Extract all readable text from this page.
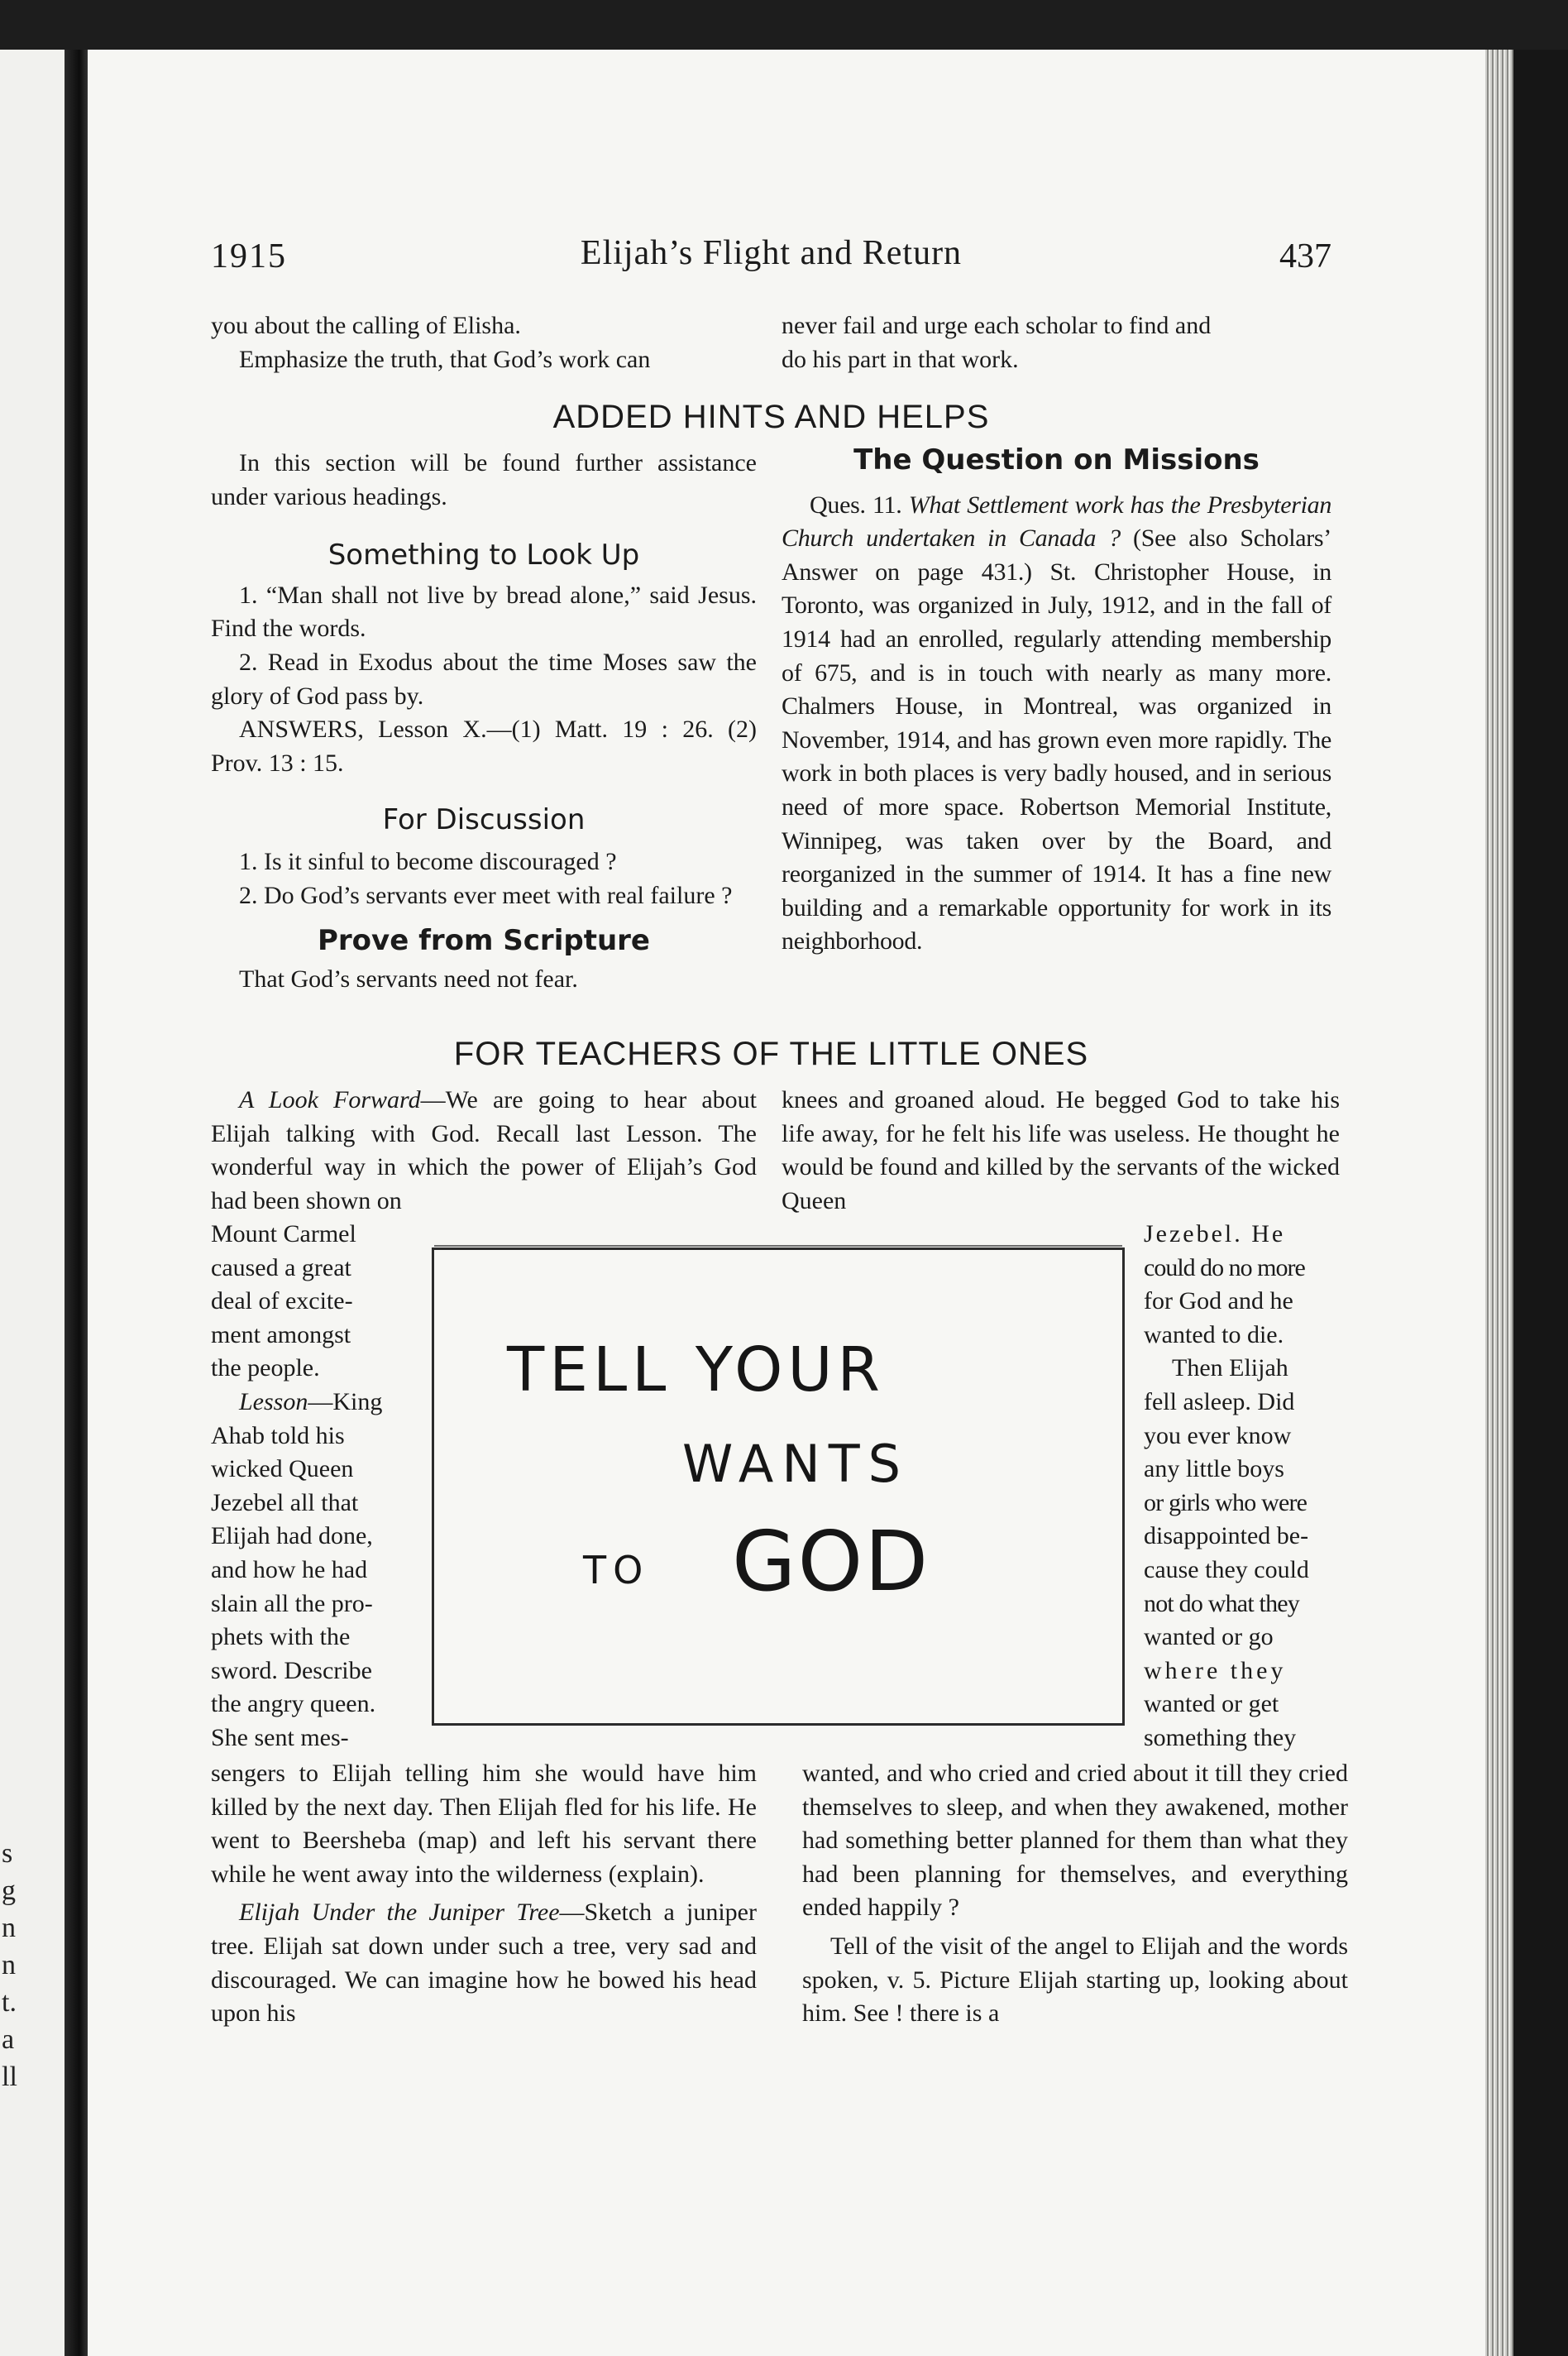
s
g
n
n
t.
a
ll
1915	Elijah’s Flight and Return	437

you about the calling of Elisha.

Emphasize the truth, that God’s work can

never fail and urge each scholar to find and

do his part in that work.

ADDED HINTS AND HELPS

In this section will be found further assistance under various headings.

Something to Look Up

1. “Man shall not live by bread alone,” said Jesus. Find the words.

2. Read in Exodus about the time Moses saw the glory of God pass by.

ANSWERS, Lesson X.—(1) Matt. 19 : 26. (2) Prov. 13 : 15.

For Discussion

1. Is it sinful to become discouraged ?

2. Do God’s servants ever meet with real failure ?

Prove from Scripture

That God’s servants need not fear.

The Question on Missions

Ques. 11. What Settlement work has the Presbyterian Church undertaken in Canada ? (See also Scholars’ Answer on page 431.) St. Christopher House, in Toronto, was organized in July, 1912, and in the fall of 1914 had an enrolled, regularly attending membership of 675, and is in touch with nearly as many more. Chalmers House, in Montreal, was organized in November, 1914, and has grown even more rapidly. The work in both places is very badly housed, and in serious need of more space. Robertson Memorial Institute, Winnipeg, was taken over by the Board, and reorganized in the summer of 1914. It has a fine new building and a remarkable opportunity for work in its neighborhood.

FOR TEACHERS OF THE LITTLE ONES

A Look Forward—We are going to hear about Elijah talking with God. Recall last Lesson. The wonderful way in which the power of Elijah’s God had been shown on

Mount Carmel

caused a great

deal of excite-

ment amongst

the people.

Lesson—King

Ahab told his

wicked Queen

Jezebel all that

Elijah had done,

and how he had

slain all the pro-

phets with the

sword. Describe

the angry queen.

She sent mes-

TELL YOUR
WANTS
TO GOD

Jezebel. He

could do no more

for God and he

wanted to die.

Then Elijah

fell asleep. Did

you ever know

any little boys

or girls who were

disappointed be-

cause they could

not do what they

wanted or go

where they

wanted or get

something they

knees and groaned aloud. He begged God to take his life away, for he felt his life was useless. He thought he would be found and killed by the servants of the wicked Queen

sengers to Elijah telling him she would have him killed by the next day. Then Elijah fled for his life. He went to Beersheba (map) and left his servant there while he went away into the wilderness (explain).

Elijah Under the Juniper Tree—Sketch a juniper tree. Elijah sat down under such a tree, very sad and discouraged. We can imagine how he bowed his head upon his

wanted, and who cried and cried about it till they cried themselves to sleep, and when they awakened, mother had something better planned for them than what they had been planning for themselves, and everything ended happily ?

Tell of the visit of the angel to Elijah and the words spoken, v. 5. Picture Elijah starting up, looking about him. See ! there is a
